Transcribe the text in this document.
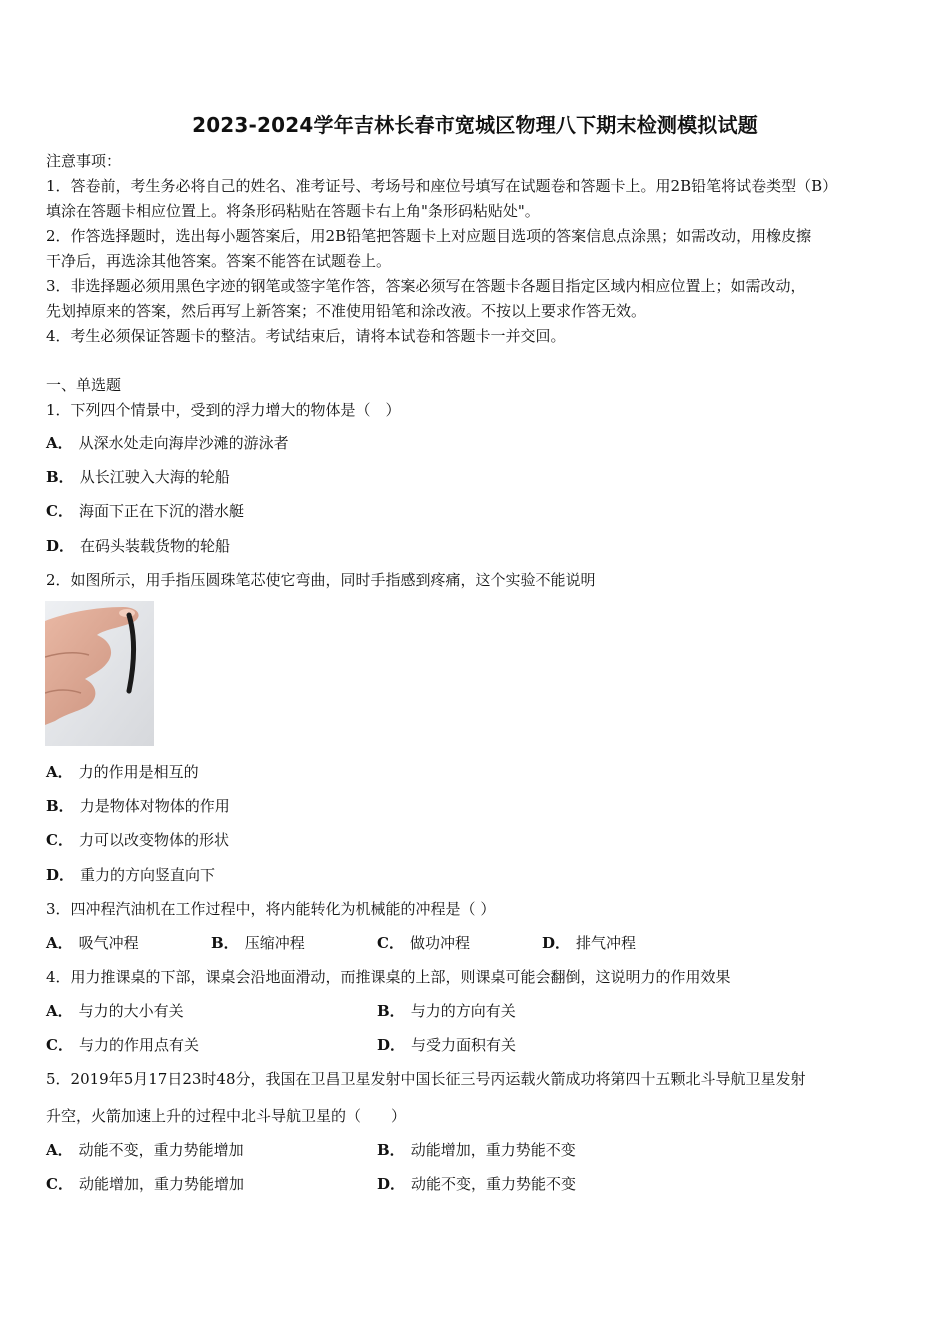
2023-2024学年吉林长春市宽城区物理八下期末检测模拟试题
注意事项：
1．答卷前，考生务必将自己的姓名、准考证号、考场号和座位号填写在试题卷和答题卡上。用2B铅笔将试卷类型（B）
填涂在答题卡相应位置上。将条形码粘贴在答题卡右上角"条形码粘贴处"。
2．作答选择题时，选出每小题答案后，用2B铅笔把答题卡上对应题目选项的答案信息点涂黑；如需改动，用橡皮擦
干净后，再选涂其他答案。答案不能答在试题卷上。
3．非选择题必须用黑色字迹的钢笔或签字笔作答，答案必须写在答题卡各题目指定区域内相应位置上；如需改动，
先划掉原来的答案，然后再写上新答案；不准使用铅笔和涂改液。不按以上要求作答无效。
4．考生必须保证答题卡的整洁。考试结束后，请将本试卷和答题卡一并交回。
一、单选题
1．下列四个情景中，受到的浮力增大的物体是（　）
A． 从深水处走向海岸沙滩的游泳者
B． 从长江驶入大海的轮船
C． 海面下正在下沉的潜水艇
D． 在码头装载货物的轮船
2．如图所示，用手指压圆珠笔芯使它弯曲，同时手指感到疼痛，这个实验不能说明
A． 力的作用是相互的
B． 力是物体对物体的作用
C． 力可以改变物体的形状
D． 重力的方向竖直向下
3．四冲程汽油机在工作过程中，将内能转化为机械能的冲程是（ ）
A． 吸气冲程	B． 压缩冲程	C． 做功冲程	D． 排气冲程
4．用力推课桌的下部，课桌会沿地面滑动，而推课桌的上部，则课桌可能会翻倒，这说明力的作用效果
A． 与力的大小有关	B． 与力的方向有关
C． 与力的作用点有关	D． 与受力面积有关
5．2019年5月17日23时48分，我国在卫昌卫星发射中国长征三号丙运载火箭成功将第四十五颗北斗导航卫星发射
升空，火箭加速上升的过程中北斗导航卫星的（　　）
A． 动能不变，重力势能增加	B． 动能增加，重力势能不变
C． 动能增加，重力势能增加	D． 动能不变，重力势能不变
